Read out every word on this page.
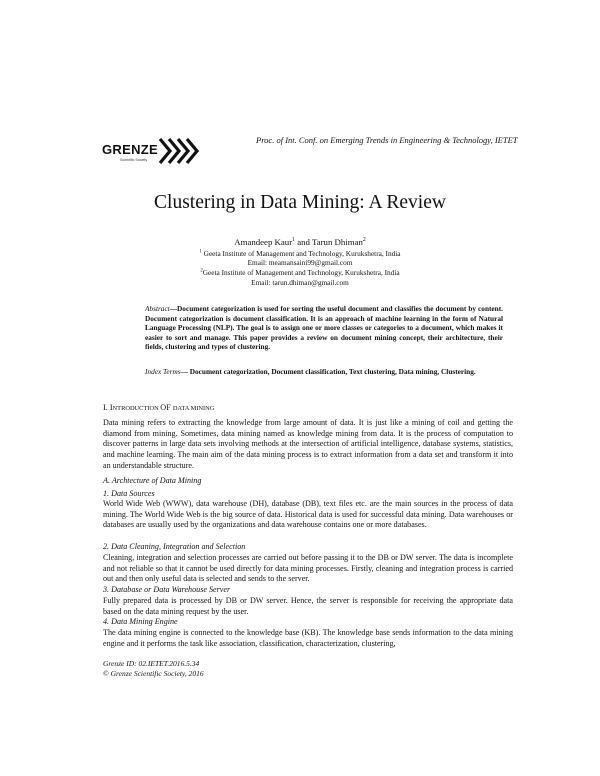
GRENZE
Scientific Society
Proc. of Int. Conf. on Emerging Trends in Engineering & Technology, IETET
Clustering in Data Mining: A Review
Amandeep Kaur$^1$ and Tarun Dhiman$^2$
$^1$ Geeta Institute of Management and Technology, Kurukshetra, India
Email: meamansaini99@gmail.com
$^2$Geeta Institute of Management and Technology, Kurukshetra, India
Email: tarun.dhiman@gmail.com
Abstract—Document categorization is used for sorting the useful document and classifies the document by content. Document categorization is document classification. It is an approach of machine learning in the form of Natural Language Processing (NLP). The goal is to assign one or more classes or categories to a document, which makes it easier to sort and manage. This paper provides a review on document mining concept, their architecture, their fields, clustering and types of clustering.
Index Terms— Document categorization, Document classification, Text clustering, Data mining, Clustering.
I. INTRODUCTION OF DATA MINING

Data mining refers to extracting the knowledge from large amount of data. It is just like a mining of coil and getting the diamond from mining. Sometimes, data mining named as knowledge mining from data. It is the process of computation to discover patterns in large data sets involving methods at the intersection of artificial intelligence, database systems, statistics, and machine learning. The main aim of the data mining process is to extract information from a data set and transform it into an understandable structure.

A. Archtecture of Data Mining
1. Data Sources

World Wide Web (WWW), data warehouse (DH), database (DB), text files etc. are the main sources in the process of data mining. The World Wide Web is the big source of data. Historical data is used for successful data mining. Data warehouses or databases are usually used by the organizations and data warehouse contains one or more databases.

2. Data Cleaning, Integration and Selection

Cleaning, integration and selection processes are carried out before passing it to the DB or DW server. The data is incomplete and not reliable so that it cannot be used directly for data mining processes. Firstly, cleaning and integration process is carried out and then only useful data is selected and sends to the server.

3. Database or Data Warehouse Server

Fully prepared data is processed by DB or DW server. Hence, the server is responsible for receiving the appropriate data based on the data mining request by the user.

4. Data Mining Engine

The data mining engine is connected to the knowledge base (KB). The knowledge base sends information to the data mining engine and it performs the task like association, classification, characterization, clustering,

Grenze ID: 02.IETET.2016.5.34
© Grenze Scientific Society, 2016
